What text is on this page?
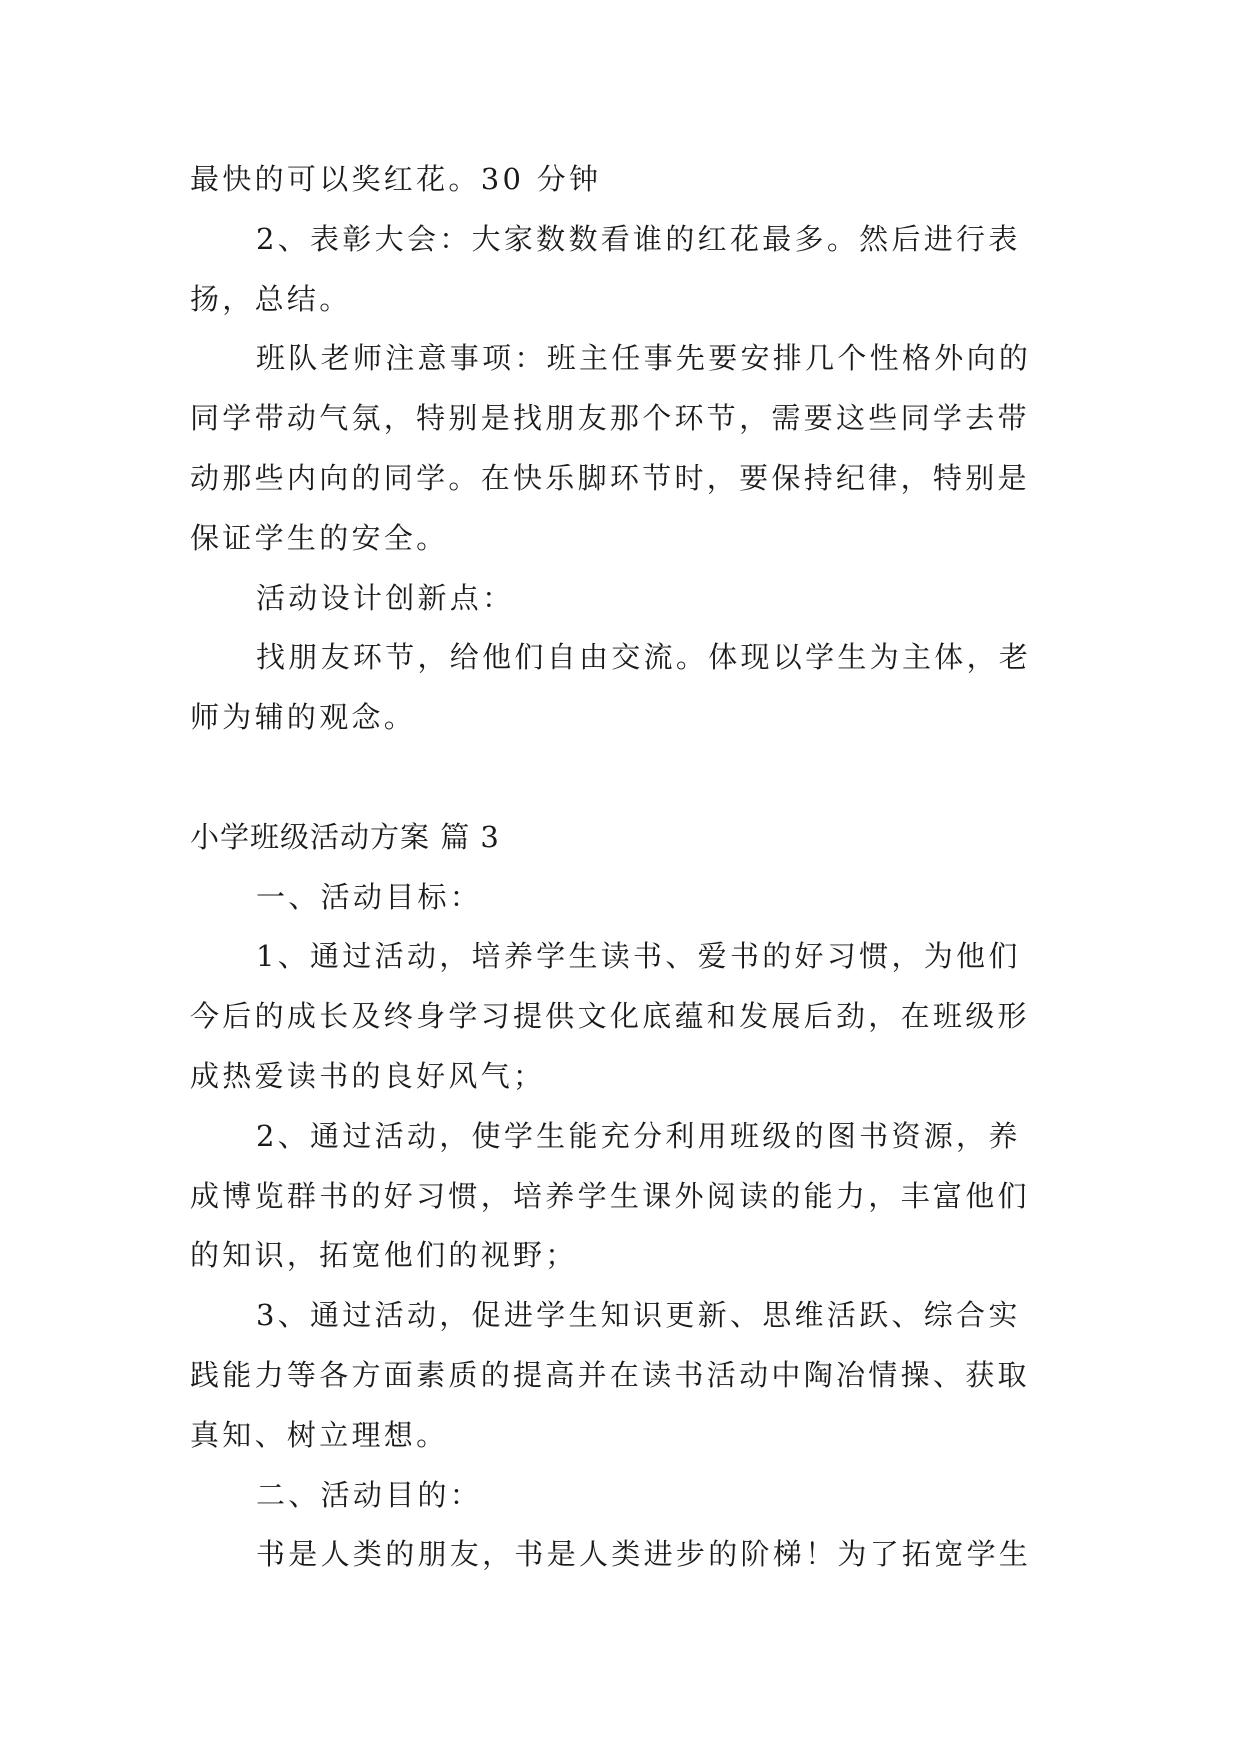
最快的可以奖红花。30 分钟
2、表彰大会：大家数数看谁的红花最多。然后进行表
扬，总结。
班队老师注意事项：班主任事先要安排几个性格外向的
同学带动气氛，特别是找朋友那个环节，需要这些同学去带
动那些内向的同学。在快乐脚环节时，要保持纪律，特别是
保证学生的安全。
活动设计创新点：
找朋友环节，给他们自由交流。体现以学生为主体，老
师为辅的观念。
小学班级活动方案 篇 3
一、活动目标：
1、通过活动，培养学生读书、爱书的好习惯，为他们
今后的成长及终身学习提供文化底蕴和发展后劲，在班级形
成热爱读书的良好风气；
2、通过活动，使学生能充分利用班级的图书资源，养
成博览群书的好习惯，培养学生课外阅读的能力，丰富他们
的知识，拓宽他们的视野；
3、通过活动，促进学生知识更新、思维活跃、综合实
践能力等各方面素质的提高并在读书活动中陶冶情操、获取
真知、树立理想。
二、活动目的：
书是人类的朋友，书是人类进步的阶梯！为了拓宽学生
